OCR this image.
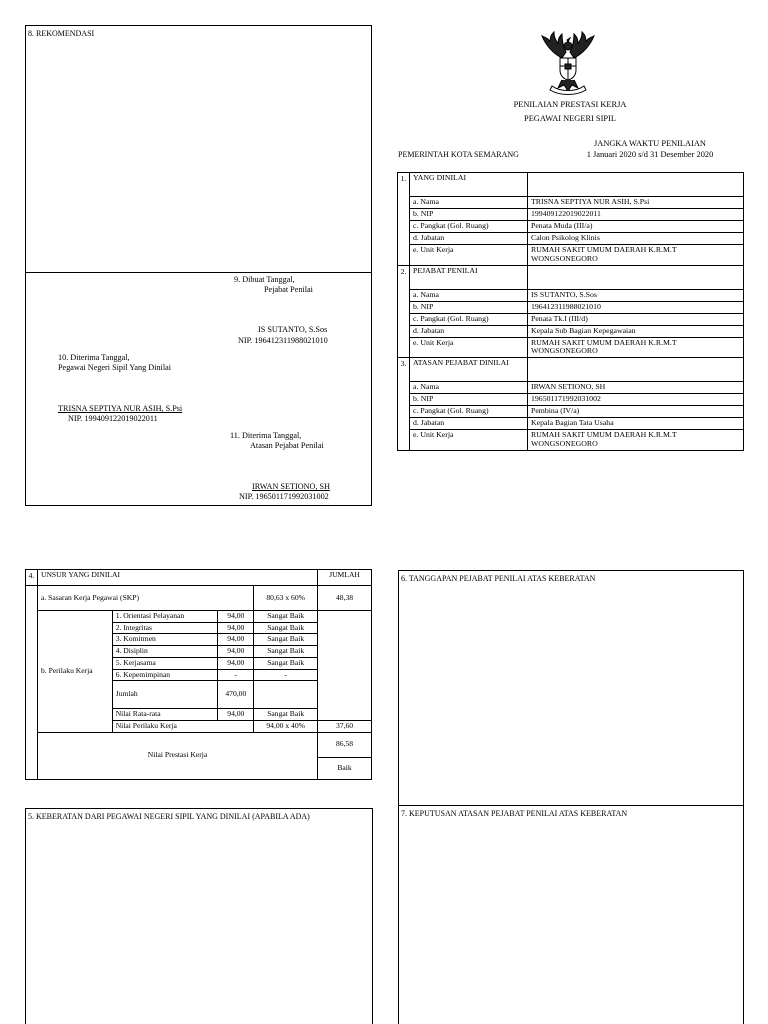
8. REKOMENDASI
9. Dibuat Tanggal,
Pejabat Penilai
IS SUTANTO, S.Sos
NIP. 196412311988021010
10. Diterima Tanggal,
Pegawai Negeri Sipil Yang Dinilai
TRISNA SEPTIYA NUR ASIH, S.Psi
NIP. 199409122019022011
11. Diterima Tanggal,
Atasan Pejabat Penilai
IRWAN SETIONO, SH
NIP. 196501171992031002
PENILAIAN PRESTASI KERJA
PEGAWAI NEGERI SIPIL
PEMERINTAH KOTA SEMARANG
JANGKA WAKTU PENILAIAN
1 Januari 2020 s/d 31 Desember 2020
1.	YANG DINILAI	
	a. Nama	TRISNA SEPTIYA NUR ASIH, S.Psi
	b. NIP	199409122019022011
	c. Pangkat (Gol. Ruang)	Penata Muda (III/a)
	d. Jabatan	Calon Psikolog Klinis
	e. Unit Kerja	RUMAH SAKIT UMUM DAERAH K.R.M.T WONGSONEGORO
2.	PEJABAT PENILAI	
	a. Nama	IS SUTANTO, S.Sos
	b. NIP	196412311988021010
	c. Pangkat (Gol. Ruang)	Penata Tk.I (III/d)
	d. Jabatan	Kepala Sub Bagian Kepegawaian
	e. Unit Kerja	RUMAH SAKIT UMUM DAERAH K.R.M.T WONGSONEGORO
3.	ATASAN PEJABAT DINILAI	
	a. Nama	IRWAN SETIONO, SH
	b. NIP	196501171992031002
	c. Pangkat (Gol. Ruang)	Pembina (IV/a)
	d. Jabatan	Kepala Bagian Tata Usaha
	e. Unit Kerja	RUMAH SAKIT UMUM DAERAH K.R.M.T WONGSONEGORO
4.	UNSUR YANG DINILAI				JUMLAH
	a. Sasaran Kerja Pegawai (SKP)			80,63 x 60%	48,38
	b. Perilaku Kerja	1. Orientasi Pelayanan	94,00	Sangat Baik	
		2. Integritas	94,00	Sangat Baik	
		3. Komitmen	94,00	Sangat Baik	
		4. Disiplin	94,00	Sangat Baik	
		5. Kerjasama	94,00	Sangat Baik	
		6. Kepemimpinan	-	-	
		Jumlah	470,00		
		Nilai Rata-rata	94,00	Sangat Baik	
		Nilai Perilaku Kerja		94,00 x 40%	37,60
	Nilai Prestasi Kerja				86,58
					Baik
5. KEBERATAN DARI PEGAWAI NEGERI SIPIL YANG DINILAI (APABILA ADA)
6. TANGGAPAN PEJABAT PENILAI ATAS KEBERATAN
7. KEPUTUSAN ATASAN PEJABAT PENILAI ATAS KEBERATAN
